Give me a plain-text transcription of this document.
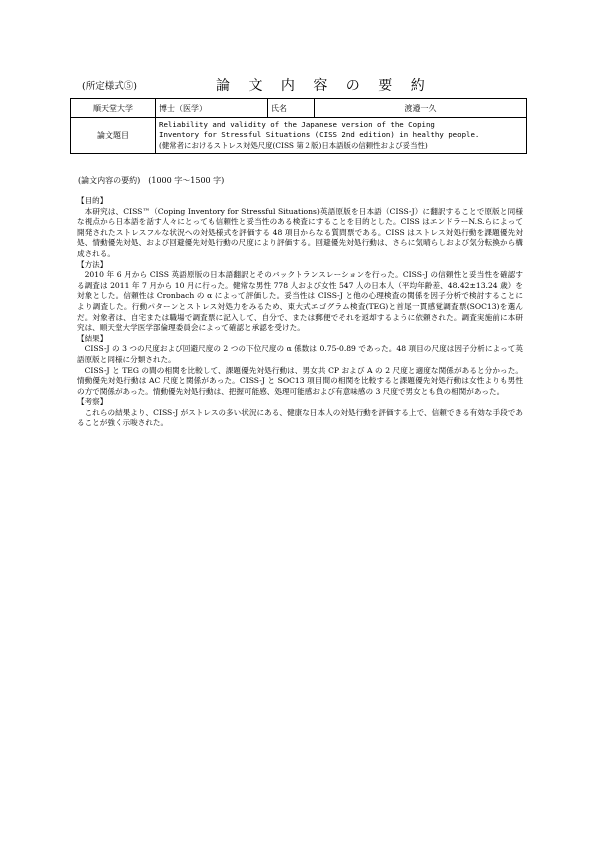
(所定様式⑤)	論 文 内 容 の 要 約
順天堂大学	博士（医学）	氏名	渡邉一久
論文題目	Reliability and validity of the Japanese version of the Coping
Inventory for Stressful Situations (CISS 2nd edition) in healthy people.
(健常者におけるストレス対処尺度(CISS 第２版)日本語版の信頼性および妥当性)		
(論文内容の要約)　(1000 字～1500 字)

【目的】

本研究は、CISS™（Coping Inventory for Stressful Situations)英語原版を日本語（CISS-J）に翻訳することで原版と同様な視点から日本語を話す人々にとっても信頼性と妥当性のある検査にすることを目的とした。CISS はエンドラーN.S.らによって開発されたストレスフルな状況への対処様式を評価する 48 項目からなる質問票である。CISS はストレス対処行動を課題優先対処、情動優先対処、および回避優先対処行動の尺度により評価する。回避優先対処行動は、さらに気晴らしおよび気分転換から構成される。

【方法】

2010 年 6 月から CISS 英語原版の日本語翻訳とそのバックトランスレーションを行った。CISS-J の信頼性と妥当性を確認する調査は 2011 年 7 月から 10 月に行った。健常な男性 778 人および女性 547 人の日本人（平均年齢差、48.42±13.24 歳）を対象とした。信頼性は Cronbach の α によって評価した。妥当性は CISS-J と他の心理検査の関係を因子分析で検討することにより調査した。行動パターンとストレス対処力をみるため、東大式エゴグラム検査(TEG)と首尾一貫感覚調査票(SOC13)を選んだ。対象者は、自宅または職場で調査票に記入して、自分で、または郵便でそれを返却するように依頼された。調査実施前に本研究は、順天堂大学医学部倫理委員会によって確認と承認を受けた。

【結果】

CISS-J の 3 つの尺度および回避尺度の 2 つの下位尺度の α 係数は 0.75-0.89 であった。48 項目の尺度は因子分析によって英語原版と同様に分類された。

CISS-J と TEG の間の相関を比較して、課題優先対処行動は、男女共 CP および A の 2 尺度と適度な関係があると分かった。情動優先対処行動は AC 尺度と関係があった。CISS-J と SOC13 項目間の相関を比較すると課題優先対処行動は女性よりも男性の方で関係があった。情動優先対処行動は、把握可能感、処理可能感および有意味感の 3 尺度で男女とも負の相関があった。

【考察】

これらの結果より、CISS-J がストレスの多い状況にある、健康な日本人の対処行動を評価する上で、信頼できる有効な手段であることが強く示唆された。
